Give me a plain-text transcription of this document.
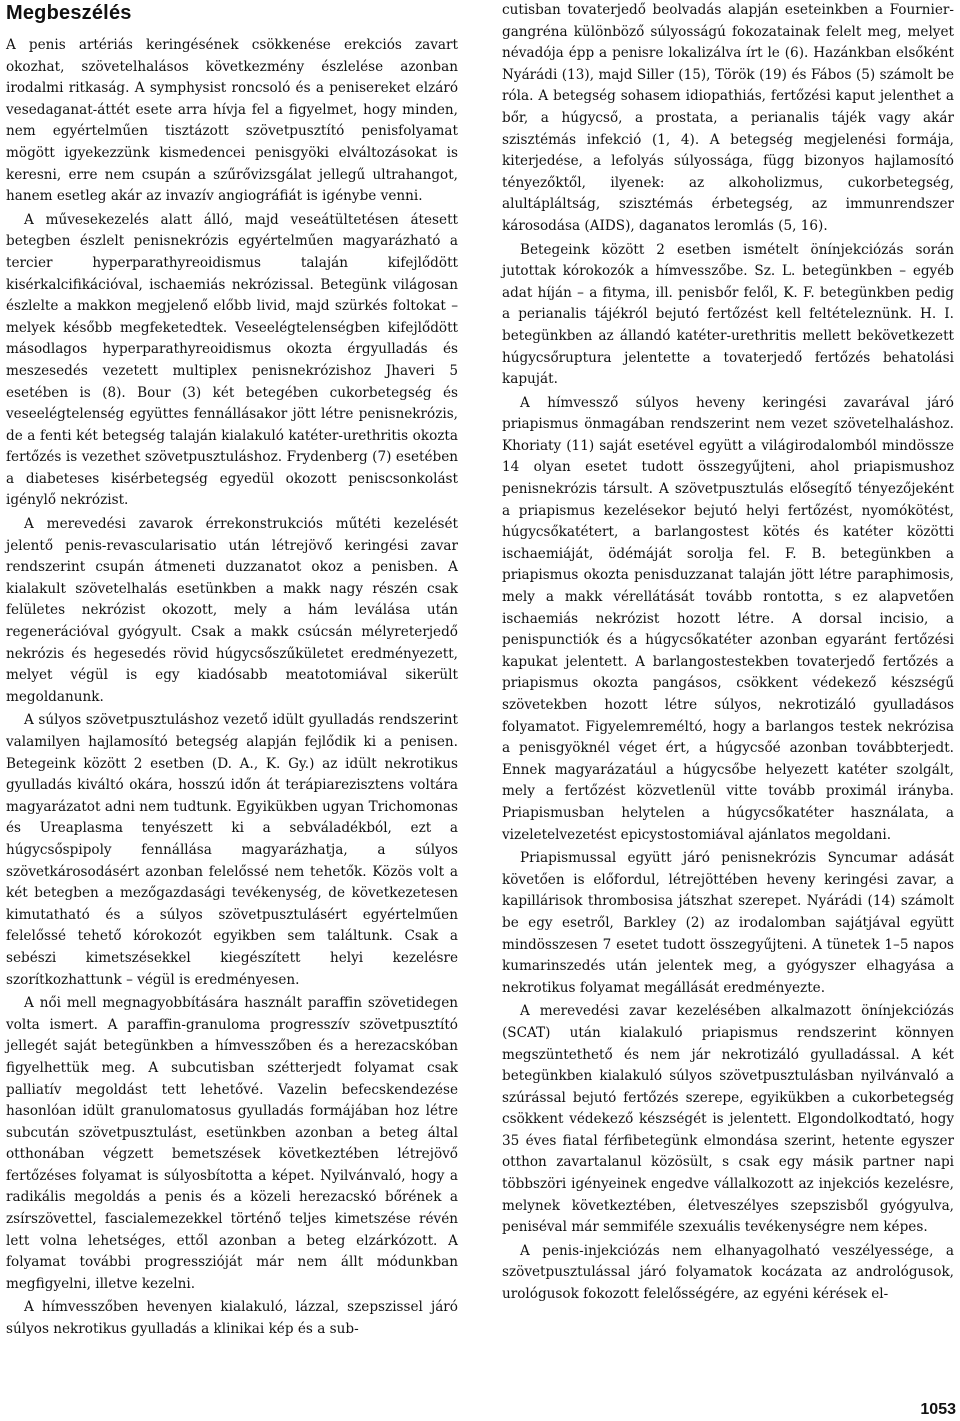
Megbeszélés

A penis artériás keringésének csökkenése erekciós zavart okozhat, szövetelhalásos következmény észlelése azonban irodalmi ritkaság. A symphysist roncsoló és a penisereket elzáró vesedaganat-áttét esete arra hívja fel a figyelmet, hogy minden, nem egyértelműen tisztázott szövetpusztító penisfolyamat mögött igyekezzünk kismedencei penisgyöki elváltozásokat is keresni, erre nem csupán a szűrővizsgálat jellegű ultrahangot, hanem esetleg akár az invazív angiográfiát is igénybe venni.

A művesekezelés alatt álló, majd veseátültetésen átesett betegben észlelt penisnekrózis egyértelműen magyarázható a tercier hyperparathyreoidismus talaján kifejlődött kisérkalcifikációval, ischaemiás nekrózissal. Betegünk világosan észlelte a makkon megjelenő előbb livid, majd szürkés foltokat – melyek később megfeketedtek. Veseelégtelenségben kifejlődött másodlagos hyperparathyreoidismus okozta érgyulladás és meszesedés vezetett multiplex penisnekrózishoz Jhaveri 5 esetében is (8). Bour (3) két betegében cukorbetegség és veseelégtelenség együttes fennállásakor jött létre penisnekrózis, de a fenti két betegség talaján kialakuló katéter-urethritis okozta fertőzés is vezethet szövetpusztuláshoz. Frydenberg (7) esetében a diabeteses kisérbetegség egyedül okozott peniscsonkolást igénylő nekrózist.

A merevedési zavarok érrekonstrukciós műtéti kezelését jelentő penis-revascularisatio után létrejövő keringési zavar rendszerint csupán átmeneti duzzanatot okoz a penisben. A kialakult szövetelhalás esetünkben a makk nagy részén csak felületes nekrózist okozott, mely a hám leválása után regenerációval gyógyult. Csak a makk csúcsán mélyreterjedő nekrózis és hegesedés rövid húgycsőszűkületet eredményezett, melyet végül is egy kiadósabb meatotomiával sikerült megoldanunk.

A súlyos szövetpusztuláshoz vezető idült gyulladás rendszerint valamilyen hajlamosító betegség alapján fejlődik ki a penisen. Betegeink között 2 esetben (D. A., K. Gy.) az idült nekrotikus gyulladás kiváltó okára, hosszú időn át terápiarezisztens voltára magyarázatot adni nem tudtunk. Egyikükben ugyan Trichomonas és Ureaplasma tenyészett ki a sebváladékból, ezt a húgycsőspipoly fennállása magyarázhatja, a súlyos szövetkárosodásért azonban felelőssé nem tehetők. Közös volt a két betegben a mezőgazdasági tevékenység, de következetesen kimutatható és a súlyos szövetpusztulásért egyértelműen felelőssé tehető kórokozót egyikben sem találtunk. Csak a sebészi kimetszésekkel kiegészített helyi kezelésre szorítkozhattunk – végül is eredményesen.

A női mell megnagyobbítására használt paraffin szövetidegen volta ismert. A paraffin-granuloma progresszív szövetpusztító jellegét saját betegünkben a hímvesszőben és a herezacskóban figyelhettük meg. A subcutisban szétterjedt folyamat csak palliatív megoldást tett lehetővé. Vazelin befecskendezése hasonlóan idült granulomatosus gyulladás formájában hoz létre subcután szövetpusztulást, esetünkben azonban a beteg által otthonában végzett bemetszések következtében létrejövő fertőzéses folyamat is súlyosbította a képet. Nyilvánvaló, hogy a radikális megoldás a penis és a közeli herezacskó bőrének a zsírszövettel, fascialemezekkel történő teljes kimetszése révén lett volna lehetséges, ettől azonban a beteg elzárkózott. A folyamat további progresszióját már nem állt módunkban megfigyelni, illetve kezelni.

A hímvesszőben hevenyen kialakuló, lázzal, szepszissel járó súlyos nekrotikus gyulladás a klinikai kép és a sub-

cutisban tovaterjedő beolvadás alapján eseteinkben a Fournier-gangréna különböző súlyosságú fokozatainak felelt meg, melyet névadója épp a penisre lokalizálva írt le (6). Hazánkban elsőként Nyárádi (13), majd Siller (15), Török (19) és Fábos (5) számolt be róla. A betegség sohasem idiopathiás, fertőzési kaput jelenthet a bőr, a húgycső, a prostata, a perianalis tájék vagy akár szisztémás infekció (1, 4). A betegség megjelenési formája, kiterjedése, a lefolyás súlyossága, függ bizonyos hajlamosító tényezőktől, ilyenek: az alkoholizmus, cukorbetegség, alultápláltság, szisztémás érbetegség, az immunrendszer károsodása (AIDS), daganatos leromlás (5, 16).

Betegeink között 2 esetben ismételt önínjekciózás során jutottak kórokozók a hímvesszőbe. Sz. L. betegünkben – egyéb adat híján – a fityma, ill. penisbőr felől, K. F. betegünkben pedig a perianalis tájékról bejutó fertőzést kell feltételeznünk. H. I. betegünkben az állandó katéter-urethritis mellett bekövetkezett húgycsőruptura jelentette a tovaterjedő fertőzés behatolási kapuját.

A hímvessző súlyos heveny keringési zavarával járó priapismus önmagában rendszerint nem vezet szövetelhaláshoz. Khoriaty (11) saját esetével együtt a világirodalomból mindössze 14 olyan esetet tudott összegyűjteni, ahol priapismushoz penisnekrózis társult. A szövetpusztulás elősegítő tényezőjeként a priapismus kezelésekor bejutó helyi fertőzést, nyomókötést, húgycsőkatétert, a barlangostest kötés és katéter közötti ischaemiáját, ödémáját sorolja fel. F. B. betegünkben a priapismus okozta penisduzzanat talaján jött létre paraphimosis, mely a makk vérellátását tovább rontotta, s ez alapvetően ischaemiás nekrózist hozott létre. A dorsal incisio, a penispunctiók és a húgycsőkatéter azonban egyaránt fertőzési kapukat jelentett. A barlangostestekben tovaterjedő fertőzés a priapismus okozta pangásos, csökkent védekező készségű szövetekben hozott létre súlyos, nekrotizáló gyulladásos folyamatot. Figyelemreméltó, hogy a barlangos testek nekrózisa a penisgyöknél véget ért, a húgycsőé azonban továbbterjedt. Ennek magyarázatául a húgycsőbe helyezett katéter szolgált, mely a fertőzést közvetlenül vitte tovább proximál irányba. Priapismusban helytelen a húgycsőkatéter használata, a vizeletelvezetést epicystostomiával ajánlatos megoldani.

Priapismussal együtt járó penisnekrózis Syncumar adását követően is előfordul, létrejöttében heveny keringési zavar, a kapillárisok thrombosisa játszhat szerepet. Nyárádi (14) számolt be egy esetről, Barkley (2) az irodalomban sajátjával együtt mindösszesen 7 esetet tudott összegyűjteni. A tünetek 1–5 napos kumarinszedés után jelentek meg, a gyógyszer elhagyása a nekrotikus folyamat megállását eredményezte.

A merevedési zavar kezelésében alkalmazott önínjekciózás (SCAT) után kialakuló priapismus rendszerint könnyen megszüntethető és nem jár nekrotizáló gyulladással. A két betegünkben kialakuló súlyos szövetpusztulásban nyilvánvaló a szúrással bejutó fertőzés szerepe, egyikükben a cukorbetegség csökkent védekező készségét is jelentett. Elgondolkodtató, hogy 35 éves fiatal férfibetegünk elmondása szerint, hetente egyszer otthon zavartalanul közösült, s csak egy másik partner napi többszöri igényeinek engedve vállalkozott az injekciós kezelésre, melynek következtében, életveszélyes szepszisből gyógyulva, peniséval már semmiféle szexuális tevékenységre nem képes.

A penis-injekciózás nem elhanyagolható veszélyessége, a szövetpusztulással járó folyamatok kocázata az andrológusok, urológusok fokozott felelősségére, az egyéni kérések el-

1053
